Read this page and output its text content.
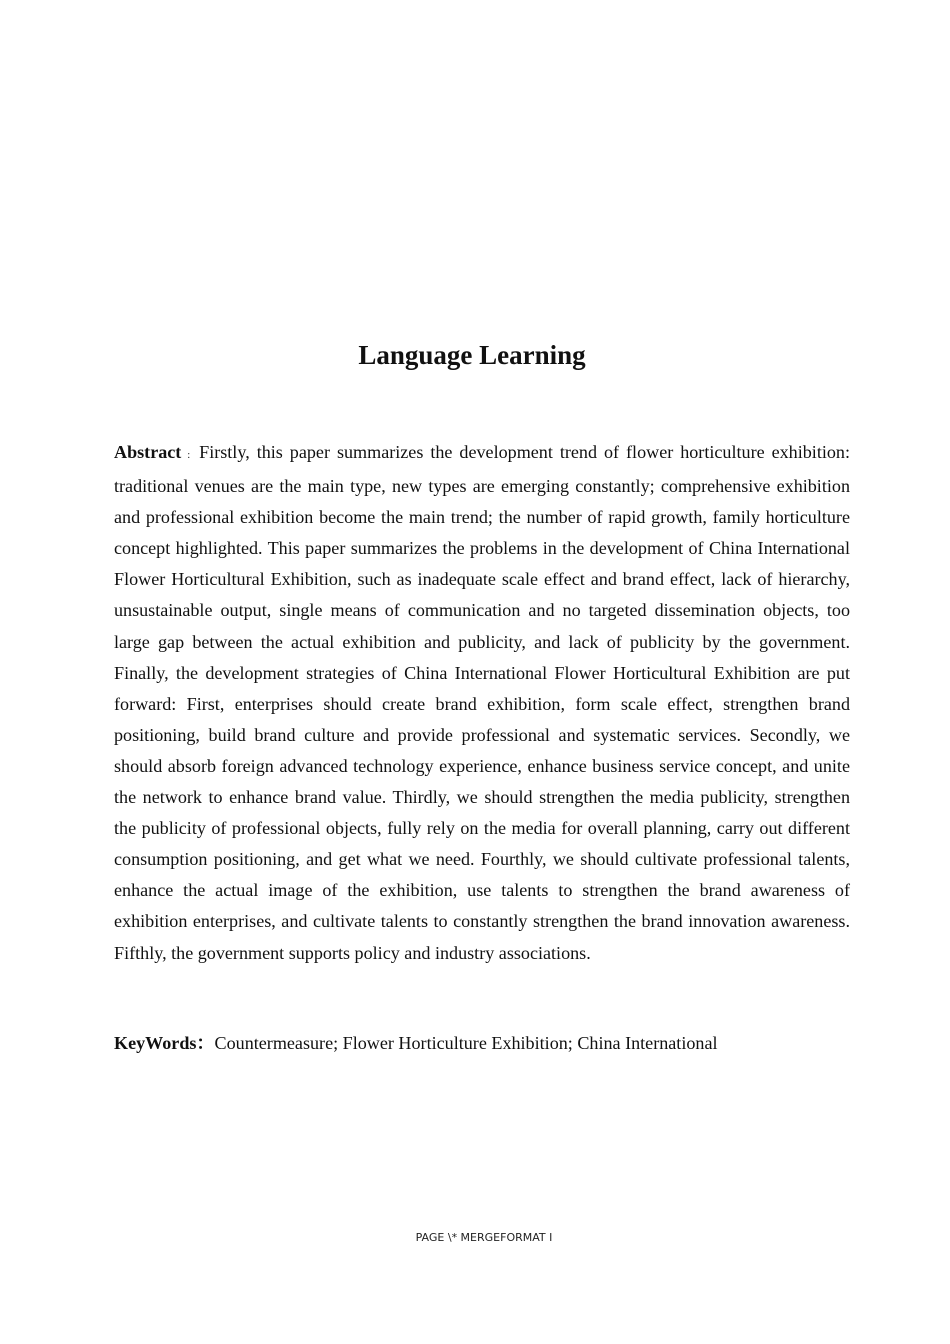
Language Learning

Abstract : Firstly, this paper summarizes the development trend of flower horticulture exhibition: traditional venues are the main type, new types are emerging constantly; comprehensive exhibition and professional exhibition become the main trend; the number of rapid growth, family horticulture concept highlighted. This paper summarizes the problems in the development of China International Flower Horticultural Exhibition, such as inadequate scale effect and brand effect, lack of hierarchy, unsustainable output, single means of communication and no targeted dissemination objects, too large gap between the actual exhibition and publicity, and lack of publicity by the government. Finally, the development strategies of China International Flower Horticultural Exhibition are put forward: First, enterprises should create brand exhibition, form scale effect, strengthen brand positioning, build brand culture and provide professional and systematic services. Secondly, we should absorb foreign advanced technology experience, enhance business service concept, and unite the network to enhance brand value. Thirdly, we should strengthen the media publicity, strengthen the publicity of professional objects, fully rely on the media for overall planning, carry out different consumption positioning, and get what we need. Fourthly, we should cultivate professional talents, enhance the actual image of the exhibition, use talents to strengthen the brand awareness of exhibition enterprises, and cultivate talents to constantly strengthen the brand innovation awareness. Fifthly, the government supports policy and industry associations.

KeyWords：Countermeasure; Flower Horticulture Exhibition; China International

PAGE \* MERGEFORMAT I
